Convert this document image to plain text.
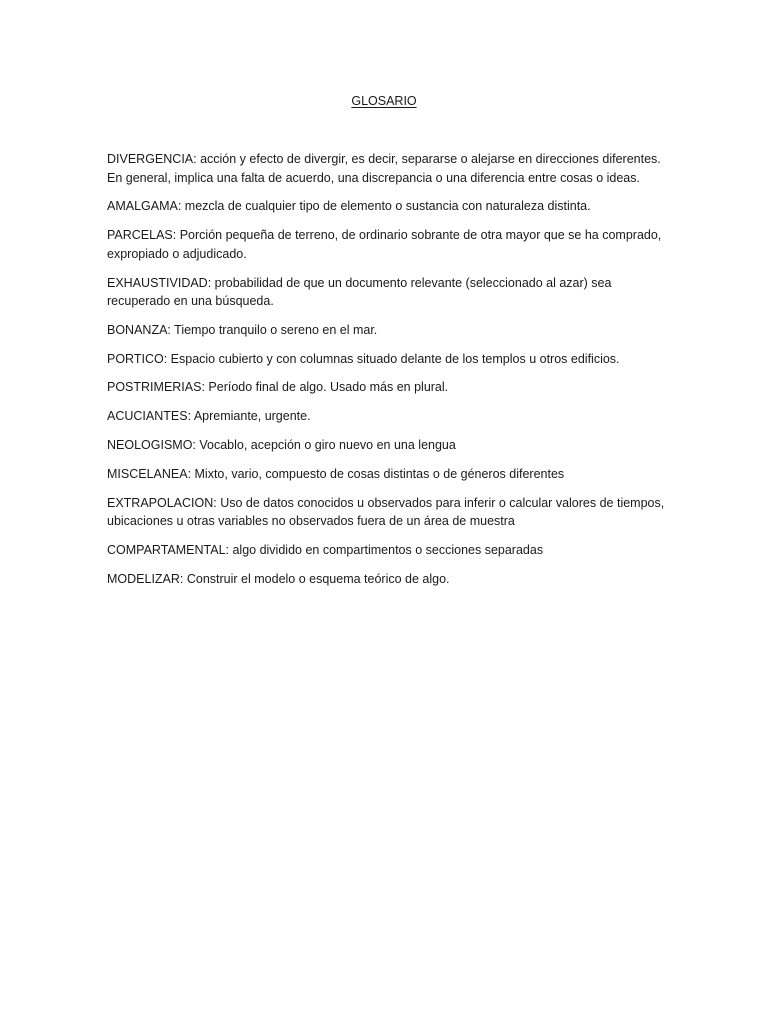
GLOSARIO
DIVERGENCIA: acción y efecto de divergir, es decir, separarse o alejarse en direcciones diferentes. En general, implica una falta de acuerdo, una discrepancia o una diferencia entre cosas o ideas.
AMALGAMA: mezcla de cualquier tipo de elemento o sustancia con naturaleza distinta.
PARCELAS: Porción pequeña de terreno, de ordinario sobrante de otra mayor que se ha comprado, expropiado o adjudicado.
EXHAUSTIVIDAD: probabilidad de que un documento relevante (seleccionado al azar) sea recuperado en una búsqueda.
BONANZA: Tiempo tranquilo o sereno en el mar.
PORTICO: Espacio cubierto y con columnas situado delante de los templos u otros edificios.
POSTRIMERIAS: Período final de algo. Usado más en plural.
ACUCIANTES: Apremiante, urgente.
NEOLOGISMO: Vocablo, acepción o giro nuevo en una lengua
MISCELANEA: Mixto, vario, compuesto de cosas distintas o de géneros diferentes
EXTRAPOLACION: Uso de datos conocidos u observados para inferir o calcular valores de tiempos, ubicaciones u otras variables no observados fuera de un área de muestra
COMPARTAMENTAL: algo dividido en compartimentos o secciones separadas
MODELIZAR: Construir el modelo o esquema teórico de algo.
